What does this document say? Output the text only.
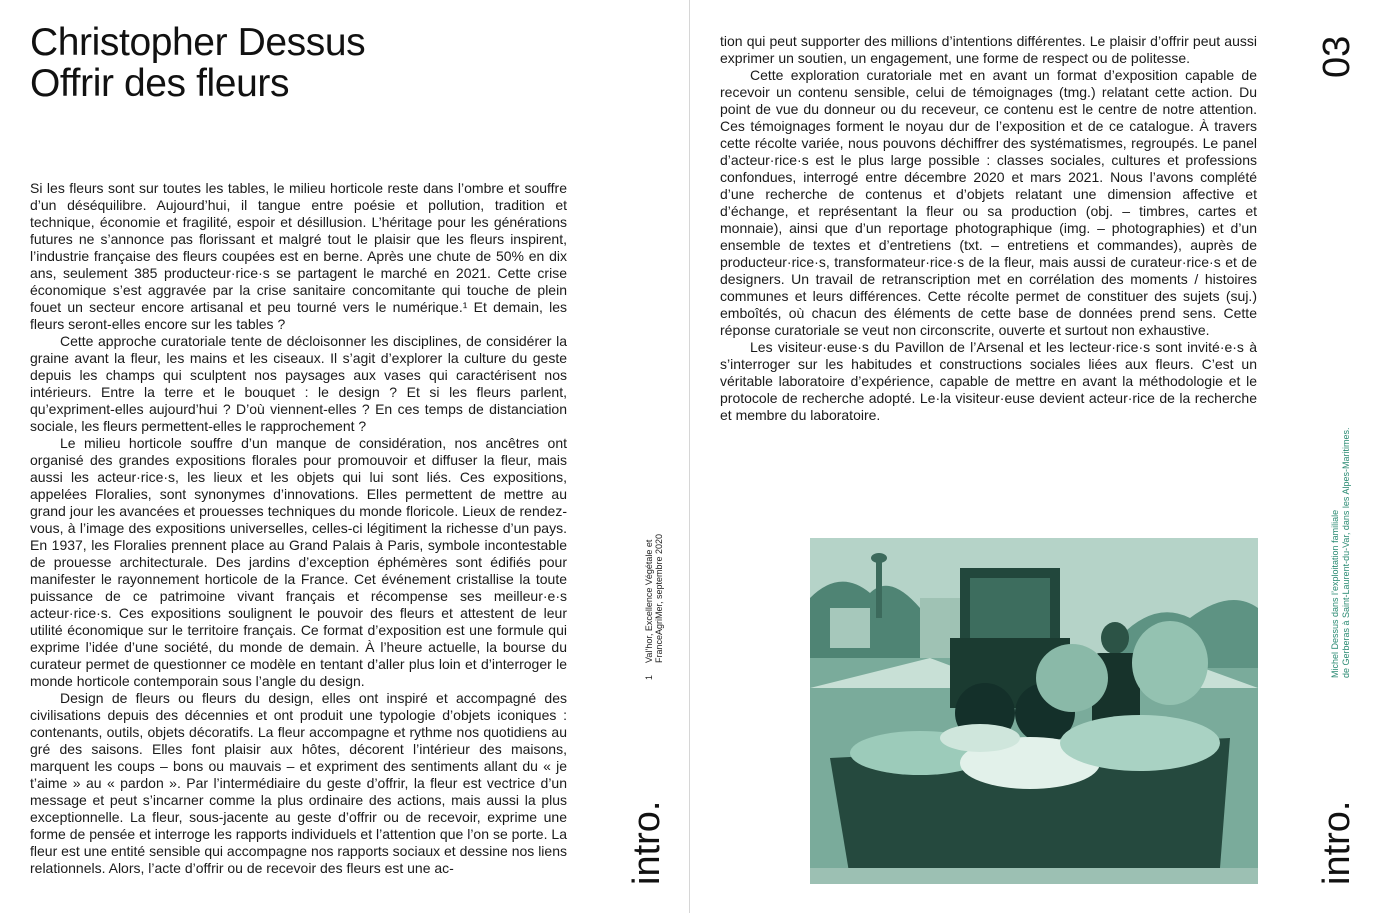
Christopher Dessus
Offrir des fleurs

Si les fleurs sont sur toutes les tables, le milieu horticole reste dans l’ombre et souffre d’un déséquilibre. Aujourd’hui, il tangue entre poésie et pollution, tradition et technique, économie et fragilité, espoir et désillusion. L’héritage pour les générations futures ne s’annonce pas florissant et malgré tout le plaisir que les fleurs inspirent, l’industrie française des fleurs coupées est en berne. Après une chute de 50% en dix ans, seulement 385 producteur·rice·s se partagent le marché en 2021. Cette crise économique s’est aggravée par la crise sanitaire concomitante qui touche de plein fouet un secteur encore artisanal et peu tourné vers le numérique.¹ Et demain, les fleurs seront-elles encore sur les tables ?

Cette approche curatoriale tente de décloisonner les disciplines, de considérer la graine avant la fleur, les mains et les ciseaux. Il s’agit d’explorer la culture du geste depuis les champs qui sculptent nos paysages aux vases qui caractérisent nos intérieurs. Entre la terre et le bouquet : le design ? Et si les fleurs parlent, qu’expriment-elles aujourd’hui ? D’où viennent-elles ? En ces temps de distanciation sociale, les fleurs permettent-elles le rapprochement ?

Le milieu horticole souffre d’un manque de considération, nos ancêtres ont organisé des grandes expositions florales pour promouvoir et diffuser la fleur, mais aussi les acteur·rice·s, les lieux et les objets qui lui sont liés. Ces expositions, appelées Floralies, sont synonymes d’innovations. Elles permettent de mettre au grand jour les avancées et prouesses techniques du monde floricole. Lieux de rendez-vous, à l’image des expositions universelles, celles-ci légitiment la richesse d’un pays. En 1937, les Floralies prennent place au Grand Palais à Paris, symbole incontestable de prouesse architecturale. Des jardins d’exception éphémères sont édifiés pour manifester le rayonnement horticole de la France. Cet événement cristallise la toute puissance de ce patrimoine vivant français et récompense ses meilleur·e·s acteur·rice·s. Ces expositions soulignent le pouvoir des fleurs et attestent de leur utilité économique sur le territoire français. Ce format d’exposition est une formule qui exprime l’idée d’une société, du monde de demain. À l’heure actuelle, la bourse du curateur permet de questionner ce modèle en tentant d’aller plus loin et d’interroger le monde horticole contemporain sous l’angle du design.

Design de fleurs ou fleurs du design, elles ont inspiré et accompagné des civilisations depuis des décennies et ont produit une typologie d’objets iconiques : contenants, outils, objets décoratifs. La fleur accompagne et rythme nos quotidiens au gré des saisons. Elles font plaisir aux hôtes, décorent l’intérieur des maisons, marquent les coups – bons ou mauvais – et expriment des sentiments allant du « je t’aime » au « pardon ». Par l’intermédiaire du geste d’offrir, la fleur est vectrice d’un message et peut s’incarner comme la plus ordinaire des actions, mais aussi la plus exceptionnelle. La fleur, sous-jacente au geste d’offrir ou de recevoir, exprime une forme de pensée et interroge les rapports individuels et l’attention que l’on se porte. La fleur est une entité sensible qui accompagne nos rapports sociaux et dessine nos liens relationnels. Alors, l’acte d’offrir ou de recevoir des fleurs est une ac-

1Val’hor, Excellence Végétale et FranceAgriMer, septembre 2020
intro.

tion qui peut supporter des millions d’intentions différentes. Le plaisir d’offrir peut aussi exprimer un soutien, un engagement, une forme de respect ou de politesse.

Cette exploration curatoriale met en avant un format d’exposition capable de recevoir un contenu sensible, celui de témoignages (tmg.) relatant cette action. Du point de vue du donneur ou du receveur, ce contenu est le centre de notre attention. Ces témoignages forment le noyau dur de l’exposition et de ce catalogue. À travers cette récolte variée, nous pouvons déchiffrer des systématismes, regroupés. Le panel d’acteur·rice·s est le plus large possible : classes sociales, cultures et professions confondues, interrogé entre décembre 2020 et mars 2021. Nous l’avons complété d’une recherche de contenus et d’objets relatant une dimension affective et d’échange, et représentant la fleur ou sa production (obj. – timbres, cartes et monnaie), ainsi que d’un reportage photographique (img. – photographies) et d’un ensemble de textes et d’entretiens (txt. – entretiens et commandes), auprès de producteur·rice·s, transformateur·rice·s de la fleur, mais aussi de curateur·rice·s et de designers. Un travail de retranscription met en corrélation des moments / histoires communes et leurs différences. Cette récolte permet de constituer des sujets (suj.) emboîtés, où chacun des éléments de cette base de données prend sens. Cette réponse curatoriale se veut non circonscrite, ouverte et surtout non exhaustive.

Les visiteur·euse·s du Pavillon de l’Arsenal et les lecteur·rice·s sont invité·e·s à s’interroger sur les habitudes et constructions sociales liées aux fleurs. C’est un véritable laboratoire d’expérience, capable de mettre en avant la méthodologie et le protocole de recherche adopté. Le·la visiteur·euse devient acteur·rice de la recherche et membre du laboratoire.

03
Michel Dessus dans l’exploitation familiale de Gerberas à Saint-Laurent-du-Var, dans les Alpes-Maritimes.
intro.
